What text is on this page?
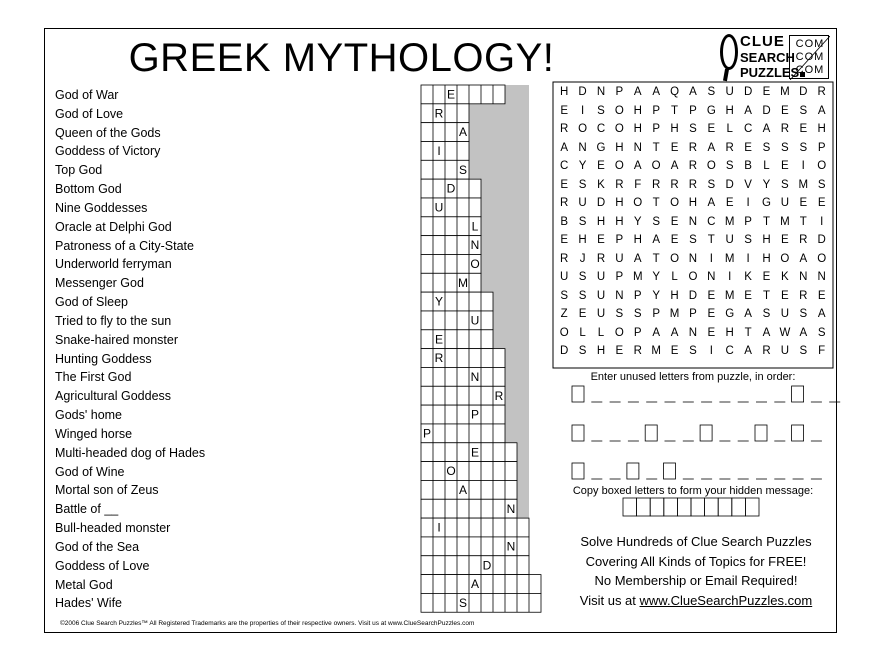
GREEK MYTHOLOGY!	CLUE
SEARCH
PUZZLES
COM
COM
COM
God of War
God of Love
Queen of the Gods
Goddess of Victory
Top God
Bottom God
Nine Goddesses
Oracle at Delphi God
Patroness of a City-State
Underworld ferryman
Messenger God
God of Sleep
Tried to fly to the sun
Snake-haired monster
Hunting Goddess
The First God
Agricultural Goddess
Gods' home
Winged horse
Multi-headed dog of Hades
God of Wine
Mortal son of Zeus
Battle of __
Bull-headed monster
God of the Sea
Goddess of Love
Metal God
Hades' Wife
E
R
A
I
S
D
U
L
N
O
M
Y
U
E
R
N
R
P
P
E
O
A
N
I
N
D
A
S
H D N P A A Q A S U D E M D R
E	I	S O H P T P G H A D E S A
R O C O H P H S E L C A R E H
A N G H N T E R A R E S S S P
C Y E O A O A R O S B L E	I	O
E S K R F R R R S D V Y S M S
R U D H O T O H A E	I	G U E E
B S H H Y S E N C M P T M T	I
E H E P H A E S T U S H E R D
R J R U A T O N	I	M	I	H O A O
U S U P M Y L O N	I	K E K N N
S S U N P Y H D E M E T E R E
Z E U S S P M P E G A S U S A
O L	L O P A A N E H T A W A S
D S H E R M E S	I	C A R U S F
Enter unused letters from puzzle, in order:
Copy boxed letters to form your hidden message:
Solve Hundreds of Clue Search Puzzles
Covering All Kinds of Topics for FREE!
No Membership or Email Required!
Visit us at www.ClueSearchPuzzles.com
©2006 Clue Search Puzzles™ All Registered Trademarks are the properties of their respective owners. Visit us at www.ClueSearchPuzzles.com
